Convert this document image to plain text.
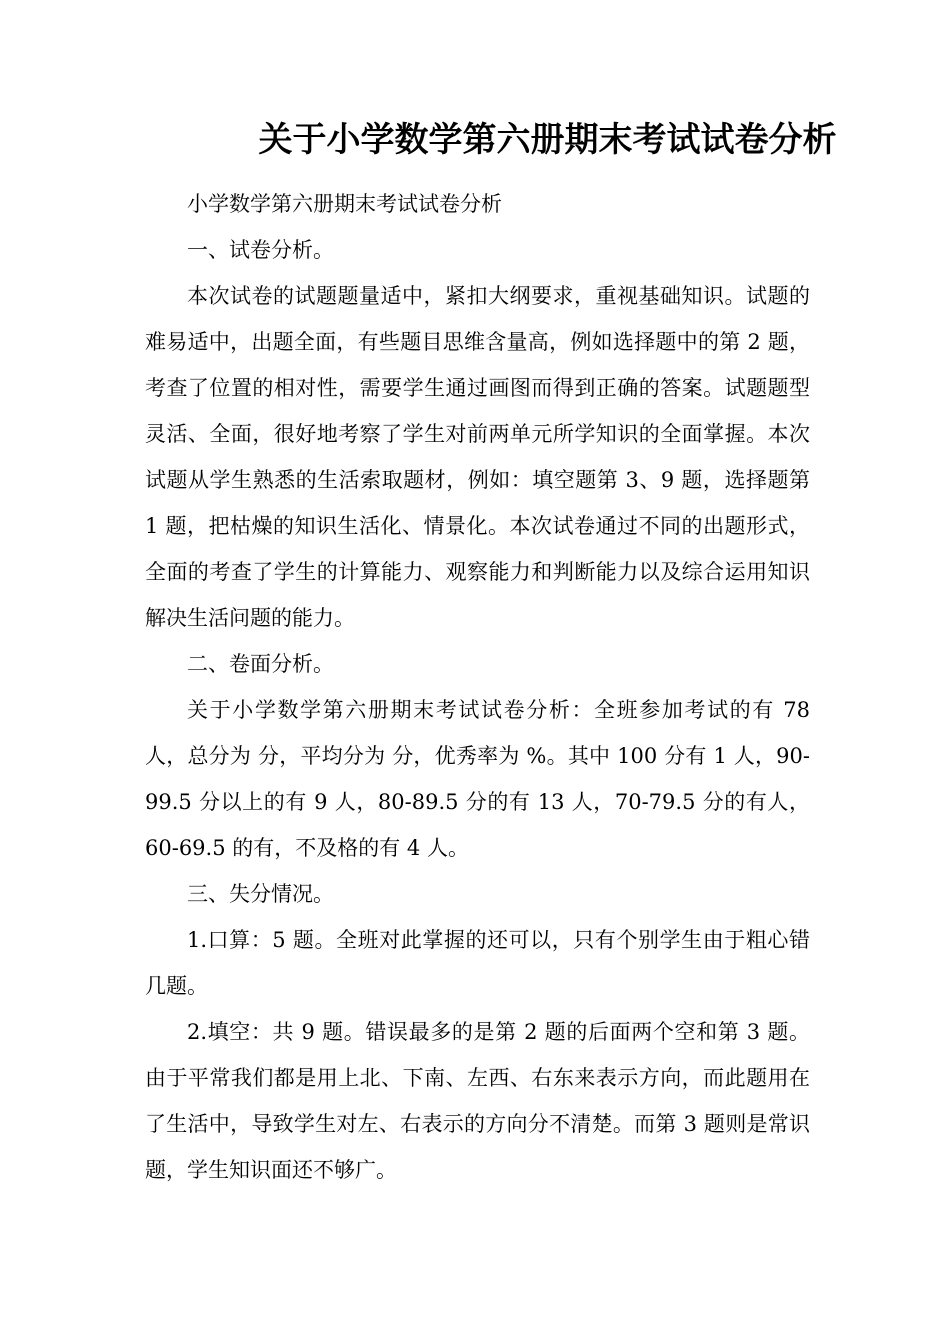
关于小学数学第六册期末考试试卷分析

小学数学第六册期末考试试卷分析

一、试卷分析。

本次试卷的试题题量适中，紧扣大纲要求，重视基础知识。试题的难易适中，出题全面，有些题目思维含量高，例如选择题中的第 2 题，考查了位置的相对性，需要学生通过画图而得到正确的答案。试题题型灵活、全面，很好地考察了学生对前两单元所学知识的全面掌握。本次试题从学生熟悉的生活索取题材，例如：填空题第 3、9 题，选择题第 1 题，把枯燥的知识生活化、情景化。本次试卷通过不同的出题形式，全面的考查了学生的计算能力、观察能力和判断能力以及综合运用知识解决生活问题的能力。

二、卷面分析。

关于小学数学第六册期末考试试卷分析：全班参加考试的有 78 人，总分为 分，平均分为 分，优秀率为 %。其中 100 分有 1 人，90-99.5 分以上的有 9 人，80-89.5 分的有 13 人，70-79.5 分的有人，60-69.5 的有，不及格的有 4 人。

三、失分情况。

1.口算：5 题。全班对此掌握的还可以，只有个别学生由于粗心错几题。

2.填空：共 9 题。错误最多的是第 2 题的后面两个空和第 3 题。由于平常我们都是用上北、下南、左西、右东来表示方向，而此题用在了生活中，导致学生对左、右表示的方向分不清楚。而第 3 题则是常识题，学生知识面还不够广。
